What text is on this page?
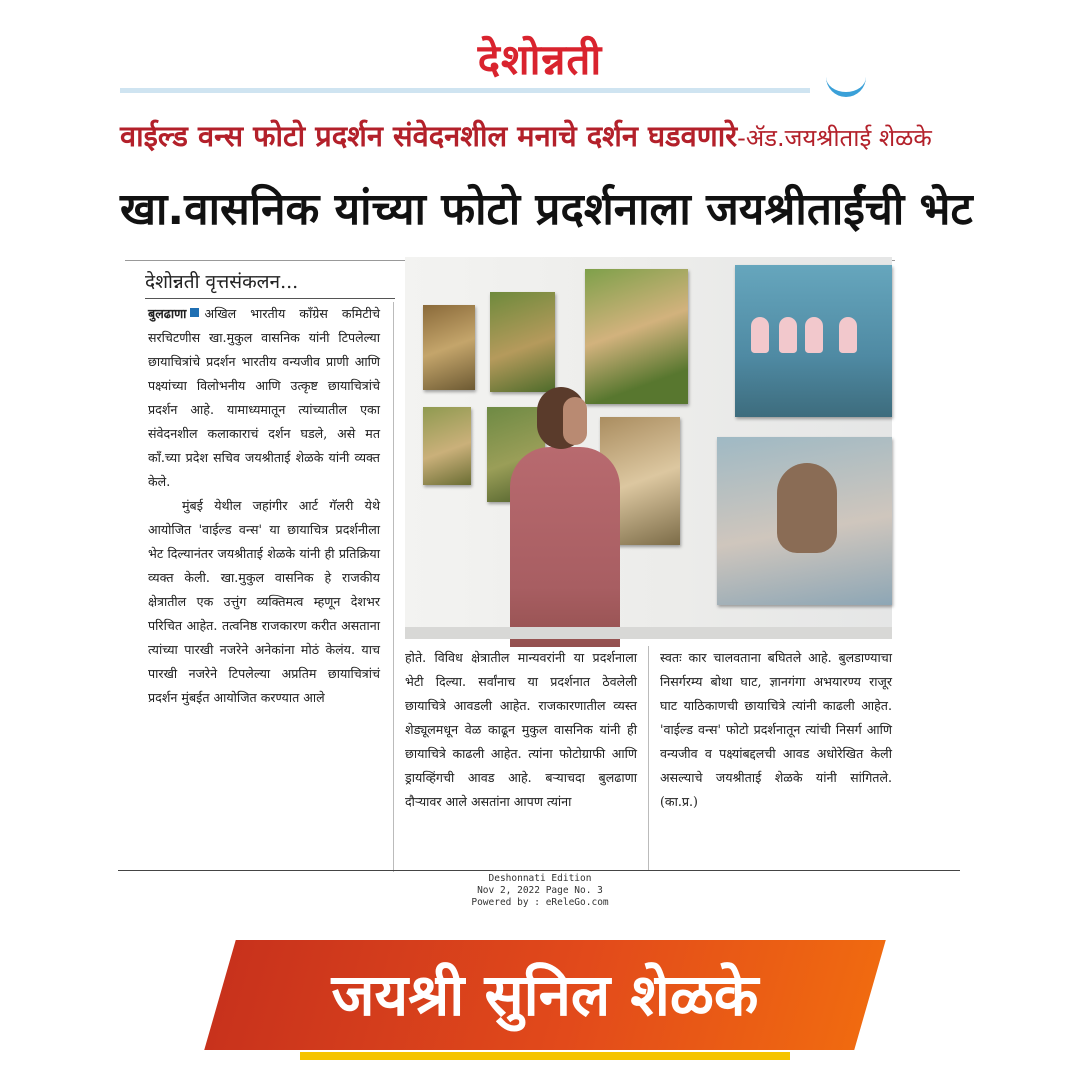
देशोन्नती
वाईल्ड वन्स फोटो प्रदर्शन संवेदनशील मनाचे दर्शन घडवणारे-ॲड.जयश्रीताई शेळके
खा.वासनिक यांच्या फोटो प्रदर्शनाला जयश्रीताईंची भेट
देशोन्नती वृत्तसंकलन...

बुलढाणा अखिल भारतीय काँग्रेस कमिटीचे सरचिटणीस खा.मुकुल वासनिक यांनी टिपलेल्या छायाचित्रांचे प्रदर्शन भारतीय वन्यजीव प्राणी आणि पक्ष्यांच्या विलोभनीय आणि उत्कृष्ट छायाचित्रांचे प्रदर्शन आहे. यामाध्यमातून त्यांच्यातील एका संवेदनशील कलाकाराचं दर्शन घडले, असे मत काँ.च्या प्रदेश सचिव जयश्रीताई शेळके यांनी व्यक्त केले.

मुंबई येथील जहांगीर आर्ट गॅलरी येथे आयोजित 'वाईल्ड वन्स' या छायाचित्र प्रदर्शनीला भेट दिल्यानंतर जयश्रीताई शेळके यांनी ही प्रतिक्रिया व्यक्त केली. खा.मुकुल वासनिक हे राजकीय क्षेत्रातील एक उत्तुंग व्यक्तिमत्व म्हणून देशभर परिचित आहेत. तत्वनिष्ठ राजकारण करीत असताना त्यांच्या पारखी नजरेने अनेकांना मोठं केलंय. याच पारखी नजरेने टिपलेल्या अप्रतिम छायाचित्रांचं प्रदर्शन मुंबईत आयोजित करण्यात आले

होते. विविध क्षेत्रातील मान्यवरांनी या प्रदर्शनाला भेटी दिल्या. सर्वांनाच या प्रदर्शनात ठेवलेली छायाचित्रे आवडली आहेत. राजकारणातील व्यस्त शेड्यूलमधून वेळ काढून मुकुल वासनिक यांनी ही छायाचित्रे काढली आहेत. त्यांना फोटोग्राफी आणि ड्रायव्हिंगची आवड आहे. बऱ्याचदा बुलढाणा दौऱ्यावर आले असतांना आपण त्यांना

स्वतः कार चालवताना बघितले आहे. बुलडाण्याचा निसर्गरम्य बोथा घाट, ज्ञानगंगा अभयारण्य राजूर घाट याठिकाणची छायाचित्रे त्यांनी काढली आहेत. 'वाईल्ड वन्स' फोटो प्रदर्शनातून त्यांची निसर्ग आणि वन्यजीव व पक्ष्यांबद्दलची आवड अधोरेखित केली असल्याचे जयश्रीताई शेळके यांनी सांगितले. (का.प्र.)

Deshonnati Edition
Nov 2, 2022 Page No. 3
Powered by : eReleGo.com
जयश्री सुनिल शेळके
